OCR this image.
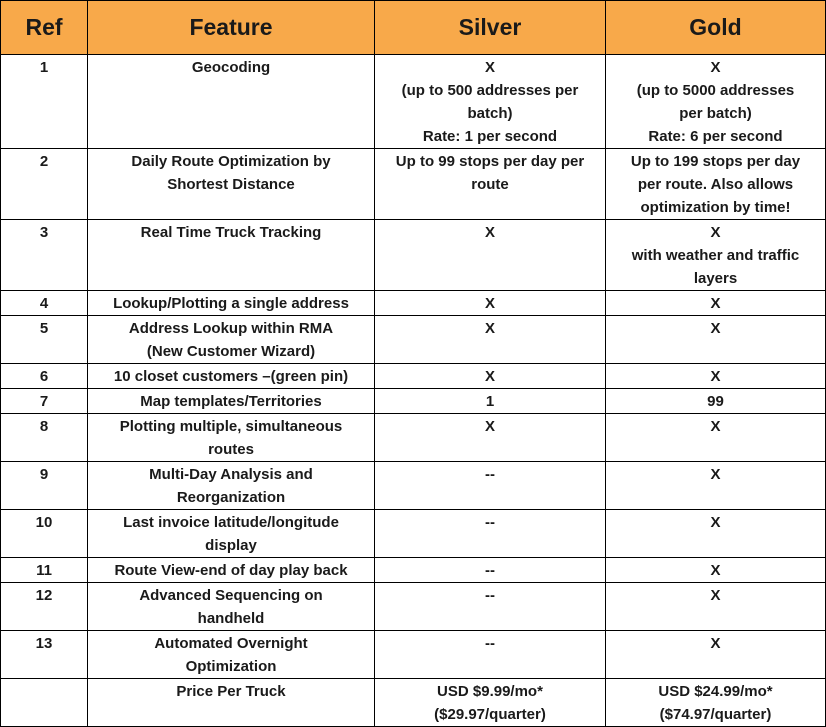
Ref	Feature	Silver	Gold
1	Geocoding	X
(up to 500 addresses per
batch)
Rate: 1 per second	X
(up to 5000 addresses
per batch)
Rate: 6 per second

2	Daily Route Optimization by
Shortest Distance	Up to 99 stops per day per
route	Up to 199 stops per day
per route. Also allows
optimization by time!

3	Real Time Truck Tracking	X	X
with weather and traffic
layers

4	Lookup/Plotting a single address	X	X

5	Address Lookup within RMA
(New Customer Wizard)	X	X

6	10 closet customers –(green pin)	X	X

7	Map templates/Territories	1	99

8	Plotting multiple, simultaneous
routes	X	X

9	Multi-Day Analysis and
Reorganization	--	X

10	Last invoice latitude/longitude
display	--	X

11	Route View-end of day play back	--	X

12	Advanced Sequencing on
handheld	--	X

13	Automated Overnight
Optimization	--	X

	Price Per Truck	USD $9.99/mo*
($29.97/quarter)	USD $24.99/mo*
($74.97/quarter)
